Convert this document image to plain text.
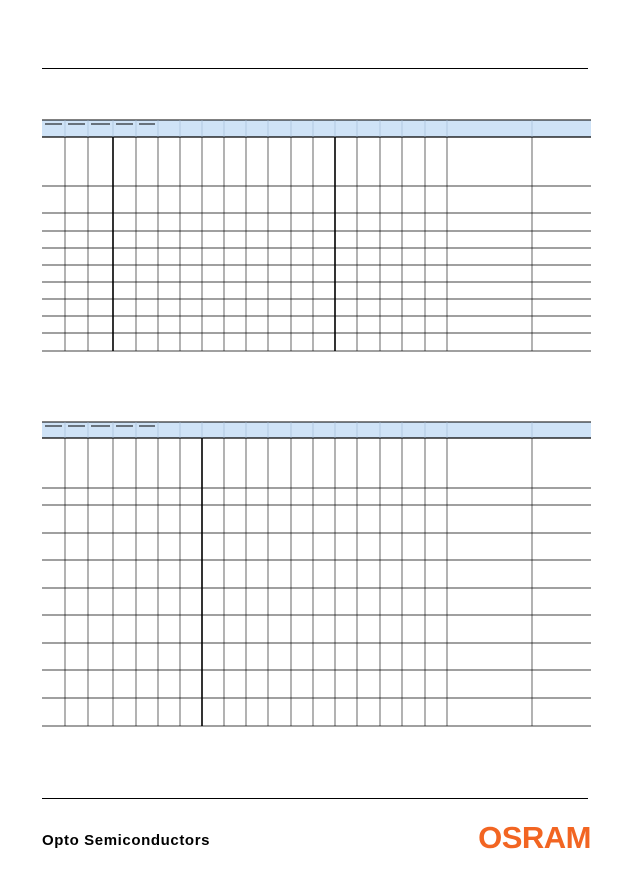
Opto Semiconductors	OSRAM
